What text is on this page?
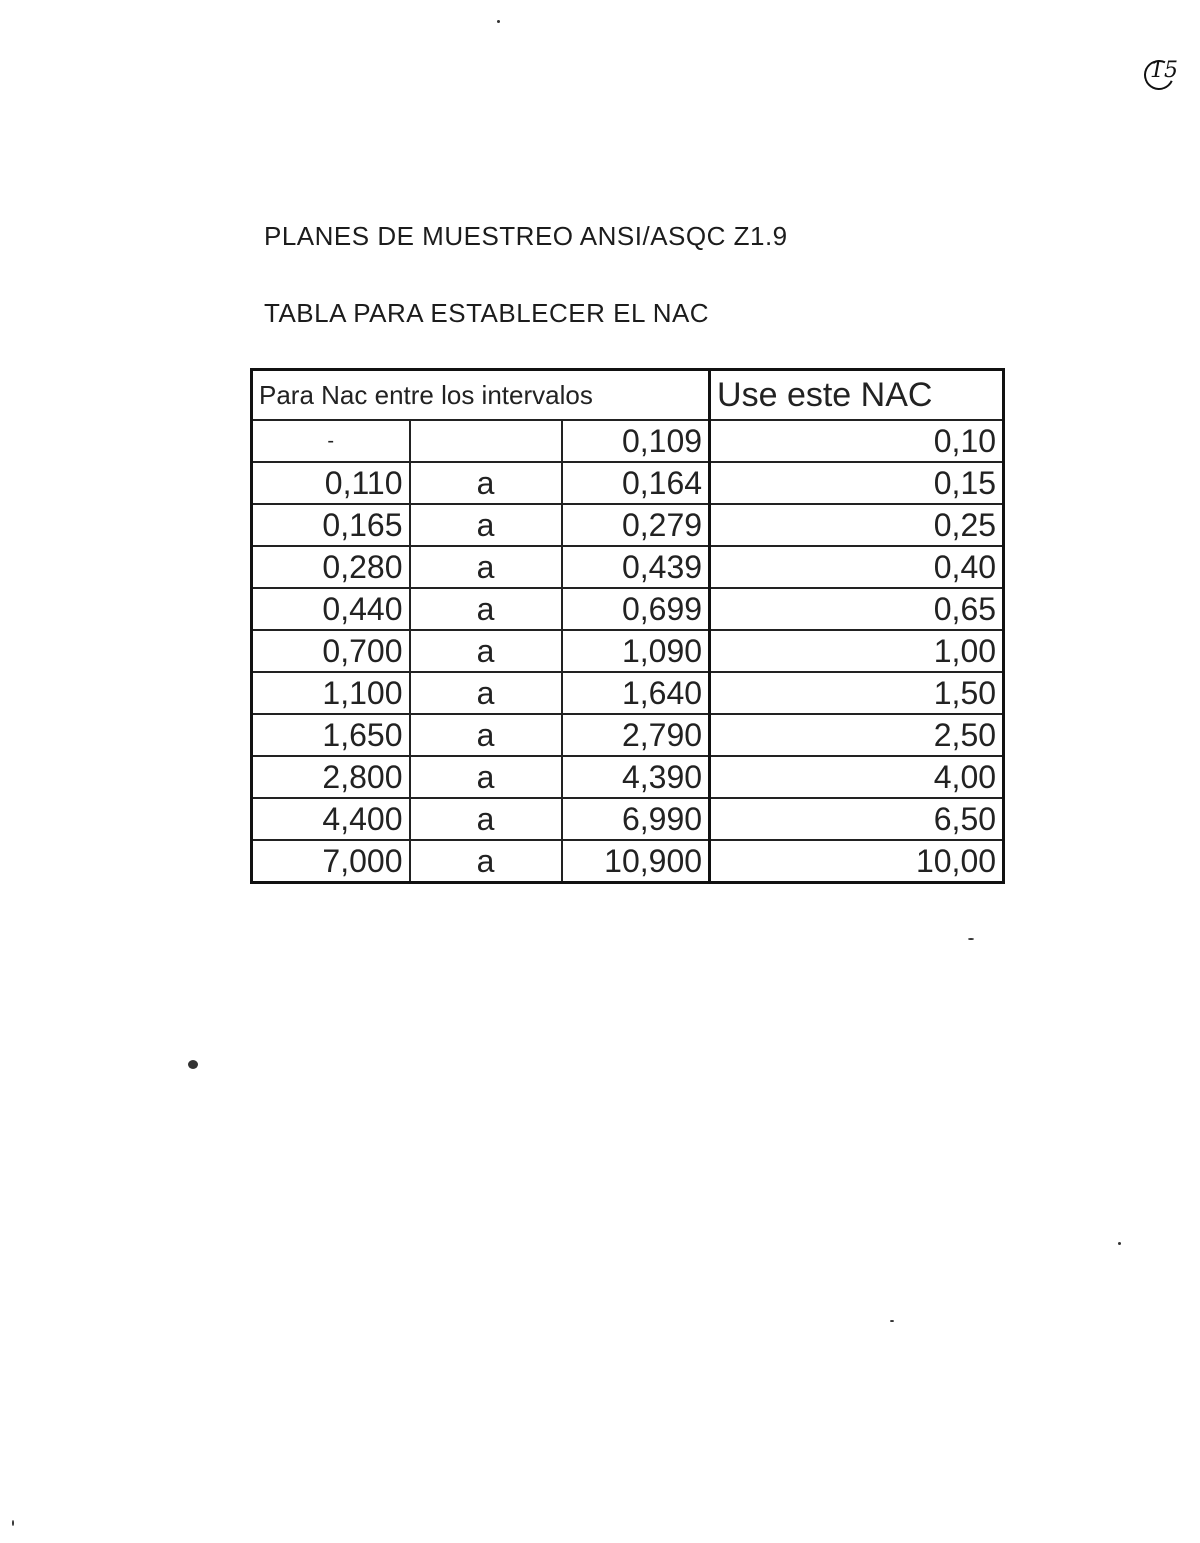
15
PLANES DE MUESTREO ANSI/ASQC Z1.9
TABLA PARA ESTABLECER EL NAC
Para Nac entre los intervalos			Use este NAC
-		0,109	0,10
0,110	a	0,164	0,15
0,165	a	0,279	0,25
0,280	a	0,439	0,40
0,440	a	0,699	0,65
0,700	a	1,090	1,00
1,100	a	1,640	1,50
1,650	a	2,790	2,50
2,800	a	4,390	4,00
4,400	a	6,990	6,50
7,000	a	10,900	10,00
